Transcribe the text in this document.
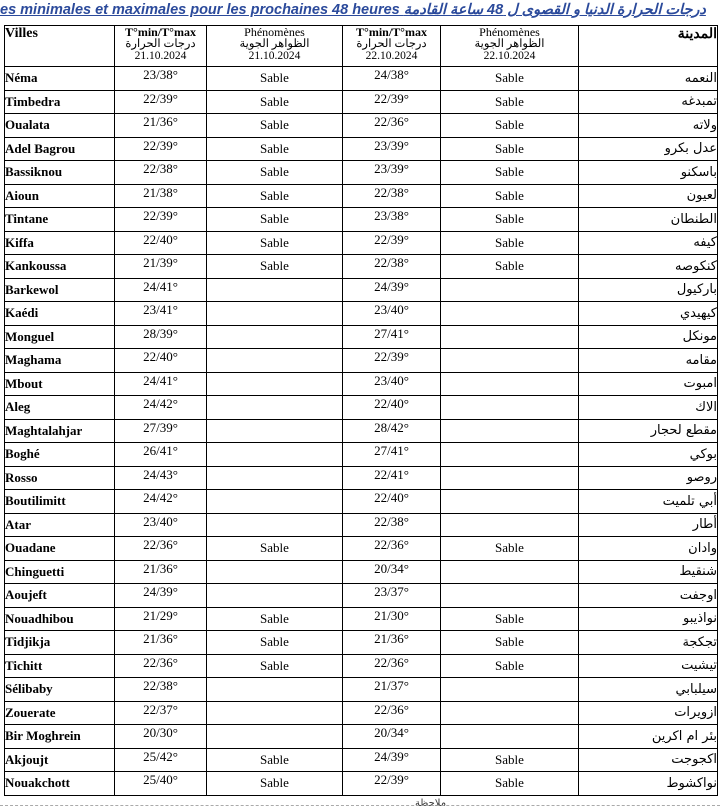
es minimales et maximales pour les prochaines 48 heures درجات الحرارة الدنيا و القصوى ل 48 ساعة القادمة
Villes	T°min/T°max
درجات الحرارة
21.10.2024	Phénomènes
الظواهر الجوية
21.10.2024	T°min/T°max
درجات الحرارة
22.10.2024	Phénomènes
الظواهر الجوية
22.10.2024	المدينة
Néma	23/38°	Sable	24/38°	Sable	النعمه
Timbedra	22/39°	Sable	22/39°	Sable	تمبدغه
Oualata	21/36°	Sable	22/36°	Sable	ولاته
Adel Bagrou	22/39°	Sable	23/39°	Sable	عدل بكرو
Bassiknou	22/38°	Sable	23/39°	Sable	باسكنو
Aioun	21/38°	Sable	22/38°	Sable	لعيون
Tintane	22/39°	Sable	23/38°	Sable	الطنطان
Kiffa	22/40°	Sable	22/39°	Sable	كيفه
Kankoussa	21/39°	Sable	22/38°	Sable	كنكوصه
Barkewol	24/41°		24/39°		باركيول
Kaédi	23/41°		23/40°		كيهيدي
Monguel	28/39°		27/41°		مونكل
Maghama	22/40°		22/39°		مقامه
Mbout	24/41°		23/40°		امبوت
Aleg	24/42°		22/40°		الاك
Maghtalahjar	27/39°		28/42°		مقطع لحجار
Boghé	26/41°		27/41°		بوكي
Rosso	24/43°		22/41°		روصو
Boutilimitt	24/42°		22/40°		أبي تلميت
Atar	23/40°		22/38°		أطار
Ouadane	22/36°	Sable	22/36°	Sable	وادان
Chinguetti	21/36°		20/34°		شنقيط
Aoujeft	24/39°		23/37°		اوجفت
Nouadhibou	21/29°	Sable	21/30°	Sable	نواذيبو
Tidjikja	21/36°	Sable	21/36°	Sable	تجكجة
Tichitt	22/36°	Sable	22/36°	Sable	تيشيت
Sélibaby	22/38°		21/37°		سيلبابي
Zouerate	22/37°		22/36°		ازويرات
Bir Moghrein	20/30°		20/34°		بئر ام اكرين
Akjoujt	25/42°	Sable	24/39°	Sable	اكجوجت
Nouakchott	25/40°	Sable	22/39°	Sable	نواكشوط
ملاحظة
